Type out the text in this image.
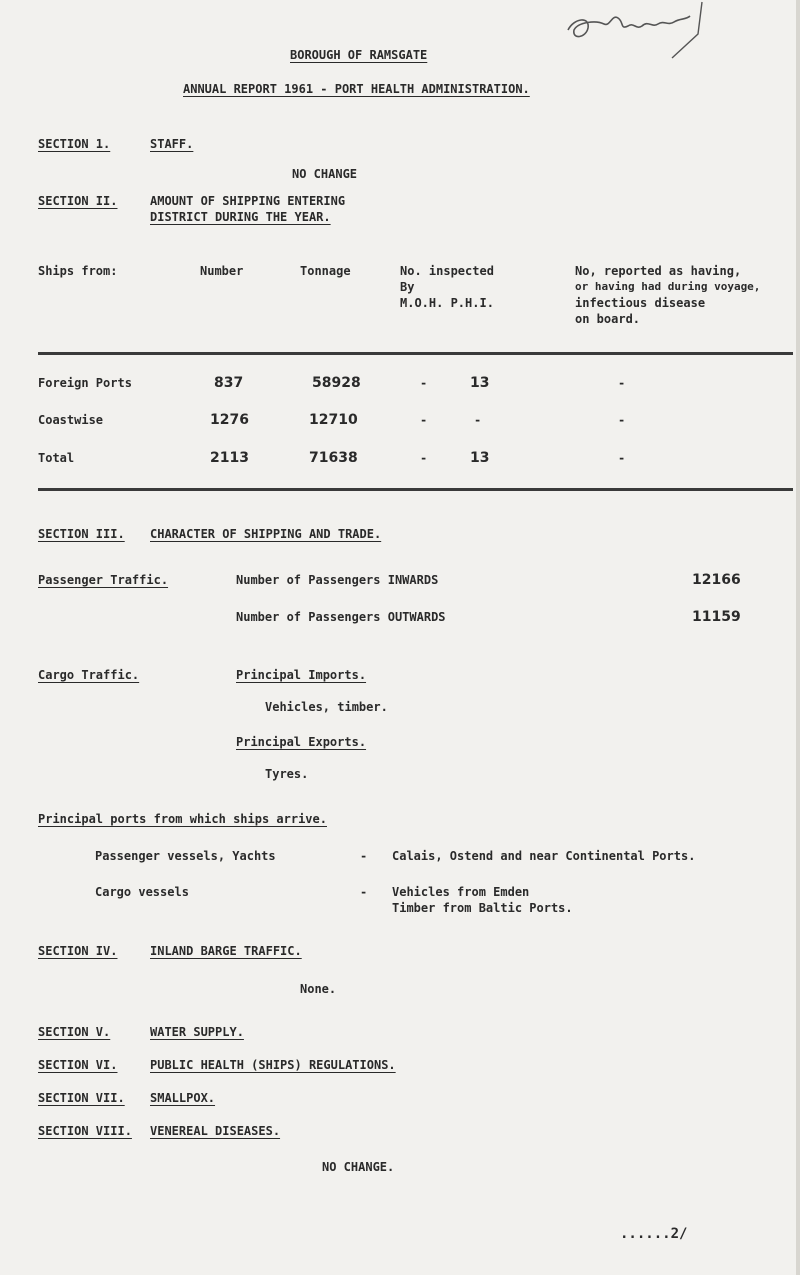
BOROUGH OF RAMSGATE
ANNUAL REPORT 1961 - PORT HEALTH ADMINISTRATION.
SECTION 1.	STAFF.
NO CHANGE
SECTION II.	AMOUNT OF SHIPPING ENTERING
DISTRICT DURING THE YEAR.
Ships from:	Number	Tonnage	No. inspected
By
M.O.H. P.H.I.
No, reported as having,
or having had during voyage,
infectious disease
on board.
Foreign Ports	837	58928	-	13	-
Coastwise	1276	12710	-	-	-
Total	2113	71638	-	13	-
SECTION III. CHARACTER OF SHIPPING AND TRADE.
Passenger Traffic.	Number of Passengers INWARDS	12166
Number of Passengers OUTWARDS	11159
Cargo Traffic.	Principal Imports.
Vehicles, timber.
Principal Exports.
Tyres.
Principal ports from which ships arrive.
Passenger vessels, Yachts	- Calais, Ostend and near Continental Ports.
Cargo vessels	- Vehicles from Emden
Timber from Baltic Ports.
SECTION IV.	INLAND BARGE TRAFFIC.
None.
SECTION V.	WATER SUPPLY.
SECTION VI.	PUBLIC HEALTH (SHIPS) REGULATIONS.
SECTION VII. SMALLPOX.
SECTION VIII. VENEREAL DISEASES.
NO CHANGE.
......2/
